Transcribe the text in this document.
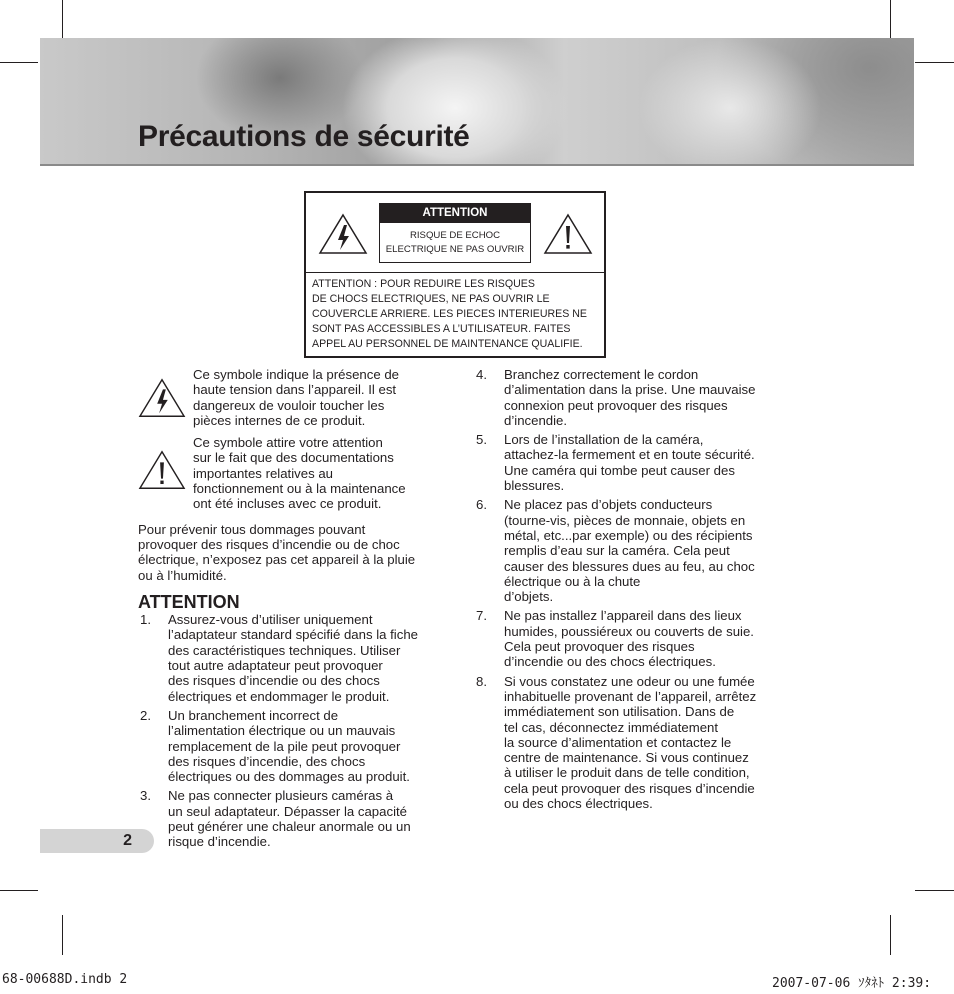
Précautions de sécurité
ATTENTION
RISQUE DE ECHOC
ELECTRIQUE NE PAS OUVRIR
ATTENTION : POUR REDUIRE LES RISQUES
DE CHOCS ELECTRIQUES, NE PAS OUVRIR LE
COUVERCLE ARRIERE. LES PIECES INTERIEURES NE
SONT PAS ACCESSIBLES A L’UTILISATEUR. FAITES
APPEL AU PERSONNEL DE MAINTENANCE QUALIFIE.
Ce symbole indique la présence de
haute tension dans l’appareil. Il est
dangereux de vouloir toucher les
pièces internes de ce produit.
Ce symbole attire votre attention
sur le fait que des documentations
importantes relatives au
fonctionnement ou à la maintenance
ont été incluses avec ce produit.
Pour prévenir tous dommages pouvant
provoquer des risques d’incendie ou de choc
électrique, n’exposez pas cet appareil à la pluie
ou à l’humidité.
ATTENTION
1. Assurez-vous d’utiliser uniquement
l’adaptateur standard spécifié dans la fiche
des caractéristiques techniques. Utiliser
tout autre adaptateur peut provoquer
des risques d’incendie ou des chocs
électriques et endommager le produit.
2. Un branchement incorrect de
l’alimentation électrique ou un mauvais
remplacement de la pile peut provoquer
des risques d’incendie, des chocs
électriques ou des dommages au produit.
3. Ne pas connecter plusieurs caméras à
un seul adaptateur. Dépasser la capacité
peut générer une chaleur anormale ou un
risque d’incendie.
4. Branchez correctement le cordon
d’alimentation dans la prise. Une mauvaise
connexion peut provoquer des risques
d’incendie.
5. Lors de l’installation de la caméra,
attachez-la fermement et en toute sécurité.
Une caméra qui tombe peut causer des
blessures.
6. Ne placez pas d’objets conducteurs
(tourne-vis, pièces de monnaie, objets en
métal, etc...par exemple) ou des récipients
remplis d’eau sur la caméra. Cela peut
causer des blessures dues au feu, au choc
électrique ou à la chute
d’objets.
7. Ne pas installez l’appareil dans des lieux
humides, poussiéreux ou couverts de suie.
Cela peut provoquer des risques
d’incendie ou des chocs électriques.
8. Si vous constatez une odeur ou une fumée
inhabituelle provenant de l’appareil, arrêtez
immédiatement son utilisation. Dans de
tel cas, déconnectez immédiatement
la source d’alimentation et contactez le
centre de maintenance. Si vous continuez
à utiliser le produit dans de telle condition,
cela peut provoquer des risques d’incendie
ou des chocs électriques.
2
68-00688D.indb 2	2007-07-06 ｿﾀﾈﾄ 2:39:
